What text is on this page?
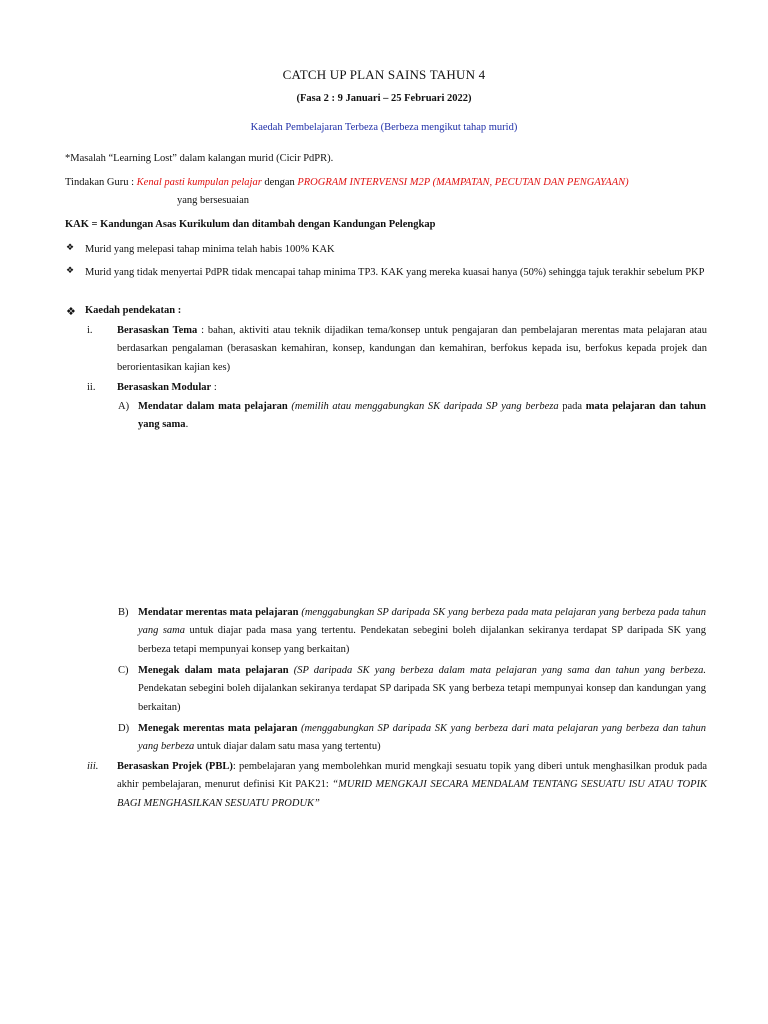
CATCH UP PLAN SAINS TAHUN 4
(Fasa 2 : 9 Januari – 25 Februari 2022)
Kaedah Pembelajaran Terbeza (Berbeza mengikut tahap murid)
*Masalah “Learning Lost” dalam kalangan murid (Cicir PdPR).
Tindakan Guru : Kenal pasti kumpulan pelajar dengan PROGRAM INTERVENSI M2P (MAMPATAN, PECUTAN DAN PENGAYAAN)
yang bersesuaian
KAK = Kandungan Asas Kurikulum dan ditambah dengan Kandungan Pelengkap
❖	Murid yang melepasi tahap minima telah habis 100% KAK
❖	Murid yang tidak menyertai PdPR tidak mencapai tahap minima TP3. KAK yang mereka kuasai hanya (50%) sehingga tajuk terakhir sebelum PKP
❖ Kaedah pendekatan :
i.	Berasaskan Tema : bahan, aktiviti atau teknik dijadikan tema/konsep untuk pengajaran dan pembelajaran merentas mata pelajaran atau berdasarkan pengalaman (berasaskan kemahiran, konsep, kandungan dan kemahiran, berfokus kepada isu, berfokus kepada projek dan berorientasikan kajian kes)
ii.	Berasaskan Modular :
A) Mendatar dalam mata pelajaran (memilih atau menggabungkan SK daripada SP yang berbeza pada mata pelajaran dan tahun yang sama.
B) Mendatar merentas mata pelajaran (menggabungkan SP daripada SK yang berbeza pada mata pelajaran yang berbeza pada tahun yang sama untuk diajar pada masa yang tertentu. Pendekatan sebegini boleh dijalankan sekiranya terdapat SP daripada SK yang berbeza tetapi mempunyai konsep yang berkaitan)
C) Menegak dalam mata pelajaran (SP daripada SK yang berbeza dalam mata pelajaran yang sama dan tahun yang berbeza. Pendekatan sebegini boleh dijalankan sekiranya terdapat SP daripada SK yang berbeza tetapi mempunyai konsep dan kandungan yang berkaitan)
D) Menegak merentas mata pelajaran (menggabungkan SP daripada SK yang berbeza dari mata pelajaran yang berbeza dan tahun yang berbeza untuk diajar dalam satu masa yang tertentu)
iii.	Berasaskan Projek (PBL): pembelajaran yang membolehkan murid mengkaji sesuatu topik yang diberi untuk menghasilkan produk pada akhir pembelajaran, menurut definisi Kit PAK21: “MURID MENGKAJI SECARA MENDALAM TENTANG SESUATU ISU ATAU TOPIK BAGI MENGHASILKAN SESUATU PRODUK”
